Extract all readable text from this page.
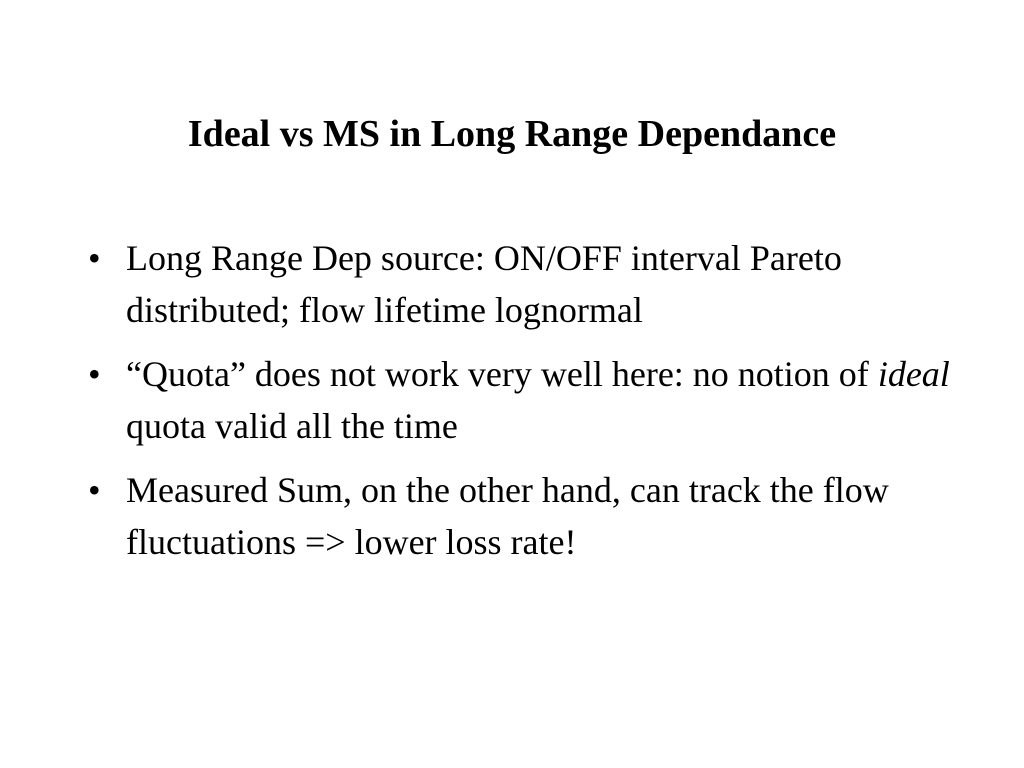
Ideal vs MS in Long Range Dependance
• Long Range Dep source: ON/OFF interval Pareto distributed; flow lifetime lognormal
• “Quota” does not work very well here: no notion of ideal quota valid all the time
• Measured Sum, on the other hand, can track the flow fluctuations => lower loss rate!
